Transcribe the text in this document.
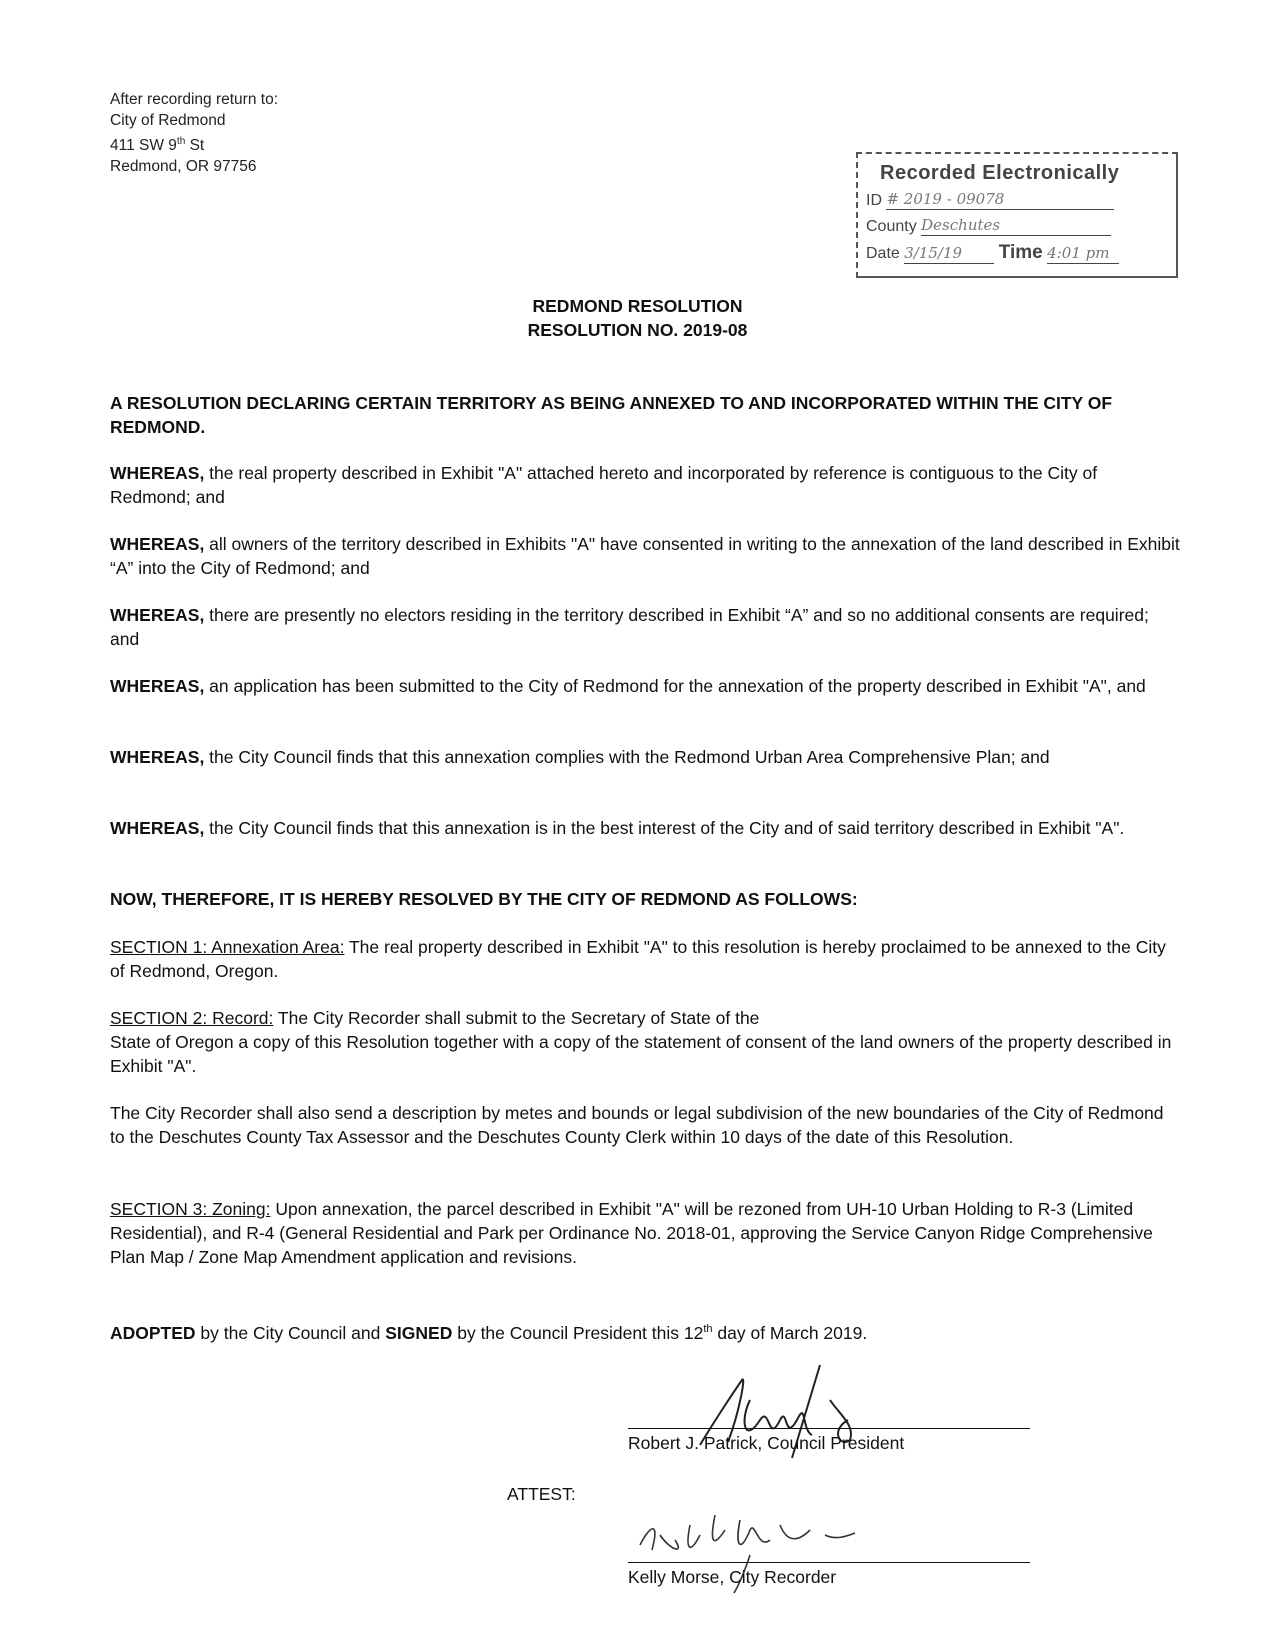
After recording return to:
City of Redmond
411 SW 9th St
Redmond, OR 97756	Recorded Electronically
ID # 2019 - 09078
County Deschutes
Date 3/15/19 Time 4:01 pm
REDMOND RESOLUTION
RESOLUTION NO. 2019-08
A RESOLUTION DECLARING CERTAIN TERRITORY AS BEING ANNEXED TO AND INCORPORATED WITHIN THE CITY OF REDMOND.
WHEREAS, the real property described in Exhibit "A" attached hereto and incorporated by reference is contiguous to the City of Redmond; and
WHEREAS, all owners of the territory described in Exhibits "A" have consented in writing to the annexation of the land described in Exhibit “A” into the City of Redmond; and
WHEREAS, there are presently no electors residing in the territory described in Exhibit “A” and so no additional consents are required; and
WHEREAS, an application has been submitted to the City of Redmond for the annexation of the property described in Exhibit "A", and
WHEREAS, the City Council finds that this annexation complies with the Redmond Urban Area Comprehensive Plan; and
WHEREAS, the City Council finds that this annexation is in the best interest of the City and of said territory described in Exhibit "A".
NOW, THEREFORE, IT IS HEREBY RESOLVED BY THE CITY OF REDMOND AS FOLLOWS:
SECTION 1: Annexation Area: The real property described in Exhibit "A" to this resolution is hereby proclaimed to be annexed to the City of Redmond, Oregon.
SECTION 2: Record: The City Recorder shall submit to the Secretary of State of the
State of Oregon a copy of this Resolution together with a copy of the statement of consent of the land owners of the property described in Exhibit "A".
The City Recorder shall also send a description by metes and bounds or legal subdivision of the new boundaries of the City of Redmond to the Deschutes County Tax Assessor and the Deschutes County Clerk within 10 days of the date of this Resolution.
SECTION 3: Zoning: Upon annexation, the parcel described in Exhibit "A" will be rezoned from UH-10 Urban Holding to R-3 (Limited Residential), and R-4 (General Residential and Park per Ordinance No. 2018-01, approving the Service Canyon Ridge Comprehensive Plan Map / Zone Map Amendment application and revisions.
ADOPTED by the City Council and SIGNED by the Council President this 12th day of March 2019.
Robert J. Patrick, Council President
ATTEST:
Kelly Morse, City Recorder
